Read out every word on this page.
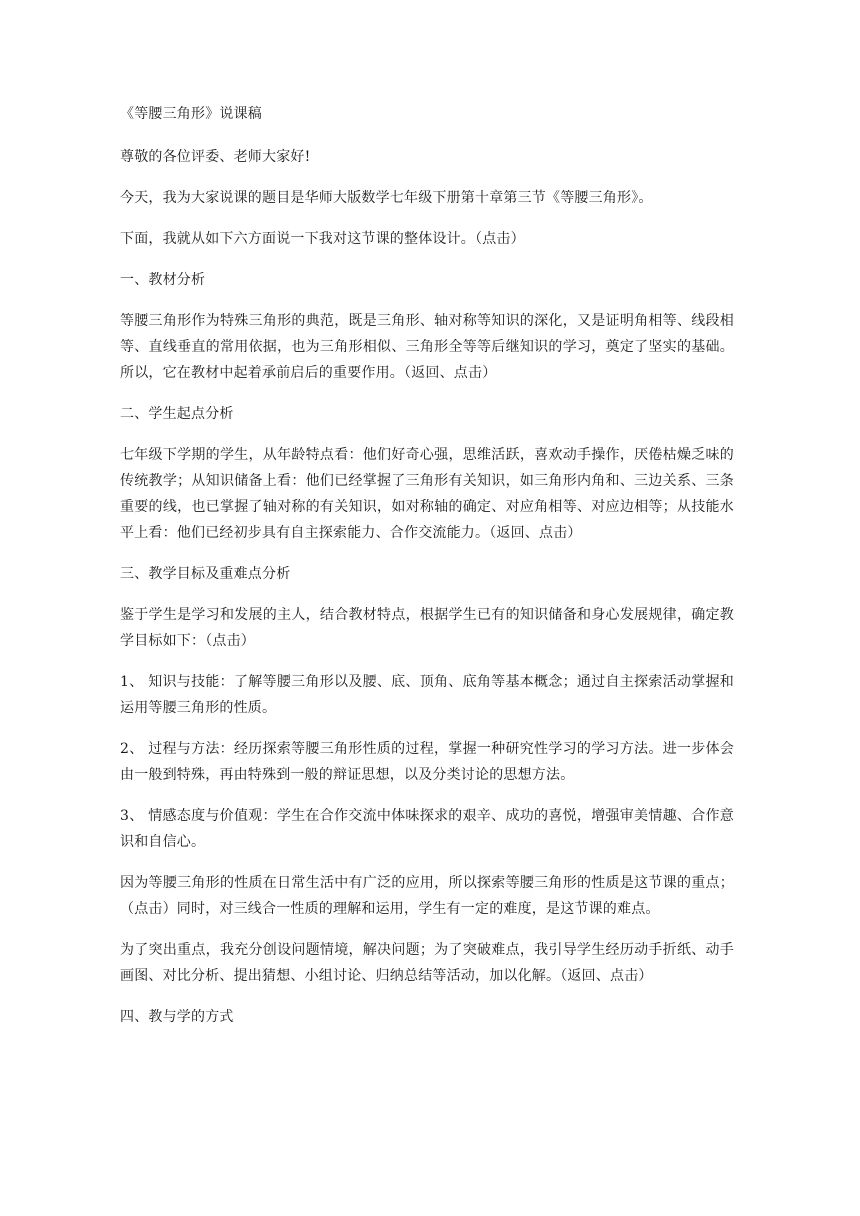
《等腰三角形》说课稿

尊敬的各位评委、老师大家好!

今天，我为大家说课的题目是华师大版数学七年级下册第十章第三节《等腰三角形》。

下面，我就从如下六方面说一下我对这节课的整体设计。（点击）

一、教材分析

等腰三角形作为特殊三角形的典范，既是三角形、轴对称等知识的深化，又是证明角相等、线段相等、直线垂直的常用依据，也为三角形相似、三角形全等等后继知识的学习，奠定了坚实的基础。所以，它在教材中起着承前启后的重要作用。（返回、点击）

二、学生起点分析

七年级下学期的学生，从年龄特点看：他们好奇心强，思维活跃，喜欢动手操作，厌倦枯燥乏味的传统教学；从知识储备上看：他们已经掌握了三角形有关知识，如三角形内角和、三边关系、三条重要的线，也已掌握了轴对称的有关知识，如对称轴的确定、对应角相等、对应边相等；从技能水平上看：他们已经初步具有自主探索能力、合作交流能力。（返回、点击）

三、教学目标及重难点分析

鉴于学生是学习和发展的主人，结合教材特点，根据学生已有的知识储备和身心发展规律，确定教学目标如下：（点击）

1、 知识与技能：了解等腰三角形以及腰、底、顶角、底角等基本概念；通过自主探索活动掌握和运用等腰三角形的性质。

2、 过程与方法：经历探索等腰三角形性质的过程，掌握一种研究性学习的学习方法。进一步体会由一般到特殊，再由特殊到一般的辩证思想，以及分类讨论的思想方法。

3、 情感态度与价值观：学生在合作交流中体味探求的艰辛、成功的喜悦，增强审美情趣、合作意识和自信心。

因为等腰三角形的性质在日常生活中有广泛的应用，所以探索等腰三角形的性质是这节课的重点；（点击）同时，对三线合一性质的理解和运用，学生有一定的难度，是这节课的难点。

为了突出重点，我充分创设问题情境，解决问题；为了突破难点，我引导学生经历动手折纸、动手画图、对比分析、提出猜想、小组讨论、归纳总结等活动，加以化解。（返回、点击）

四、教与学的方式
